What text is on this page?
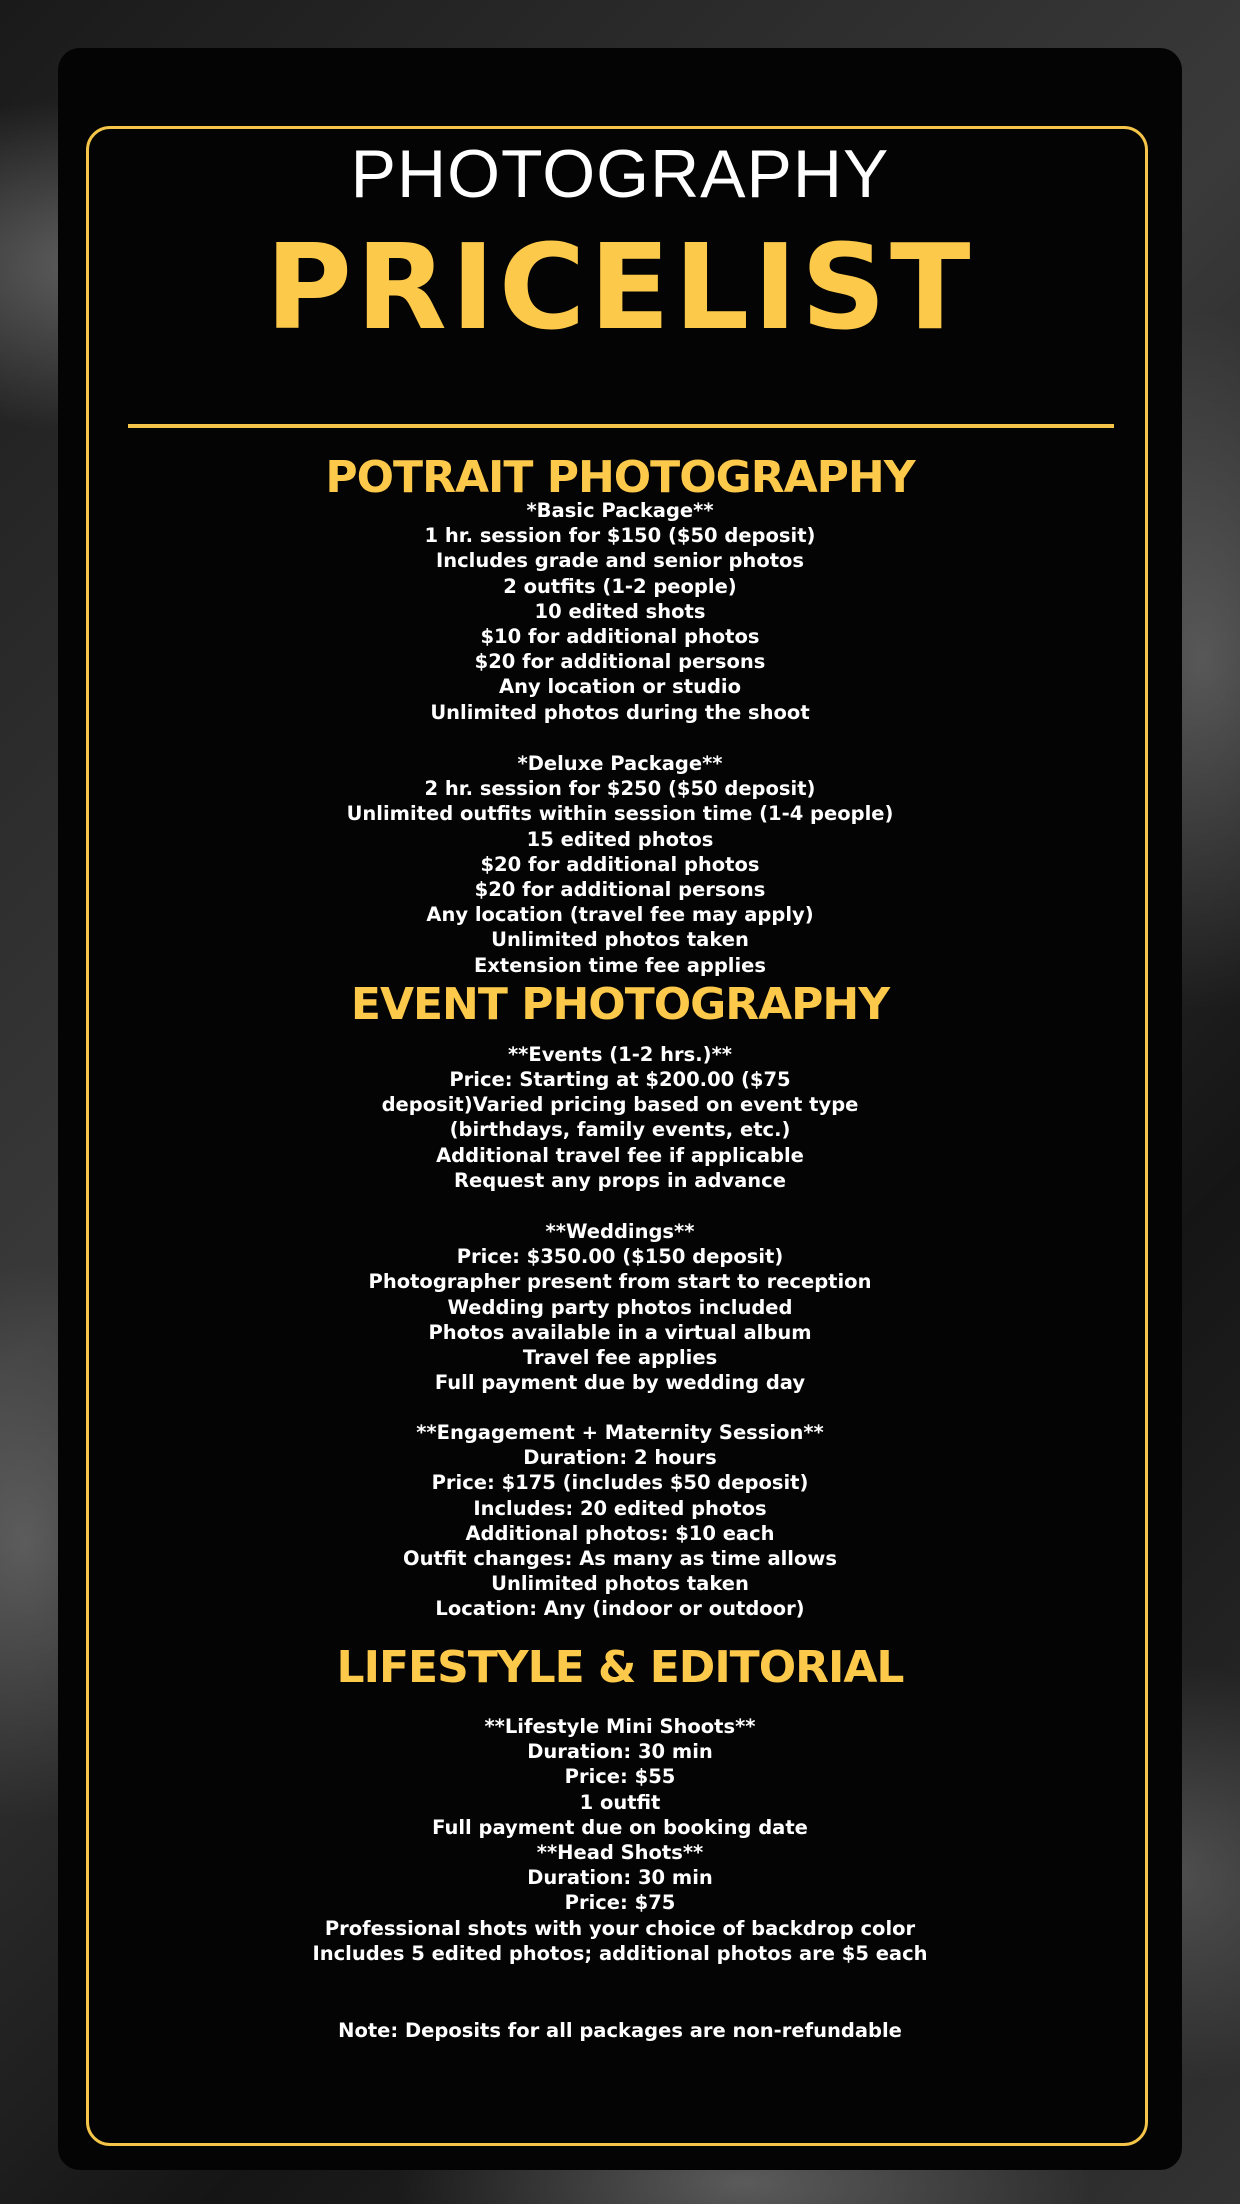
PHOTOGRAPHY
PRICELIST
POTRAIT PHOTOGRAPHY
*Basic Package**
1 hr. session for $150 ($50 deposit)
Includes grade and senior photos
2 outfits (1-2 people)
10 edited shots
$10 for additional photos
$20 for additional persons
Any location or studio
Unlimited photos during the shoot
*Deluxe Package**
2 hr. session for $250 ($50 deposit)
Unlimited outfits within session time (1-4 people)
15 edited photos
$20 for additional photos
$20 for additional persons
Any location (travel fee may apply)
Unlimited photos taken
Extension time fee applies
EVENT PHOTOGRAPHY
**Events (1-2 hrs.)**
Price: Starting at $200.00 ($75 deposit)Varied pricing based on event type (birthdays, family events, etc.)
Additional travel fee if applicable
Request any props in advance
**Weddings**
Price: $350.00 ($150 deposit)
Photographer present from start to reception
Wedding party photos included
Photos available in a virtual album
Travel fee applies
Full payment due by wedding day
**Engagement + Maternity Session**
Duration: 2 hours
Price: $175 (includes $50 deposit)
Includes: 20 edited photos
Additional photos: $10 each
Outfit changes: As many as time allows
Unlimited photos taken
Location: Any (indoor or outdoor)
LIFESTYLE & EDITORIAL
**Lifestyle Mini Shoots**
Duration: 30 min
Price: $55
1 outfit
Full payment due on booking date
**Head Shots**
Duration: 30 min
Price: $75
Professional shots with your choice of backdrop color
Includes 5 edited photos; additional photos are $5 each
Note: Deposits for all packages are non-refundable
